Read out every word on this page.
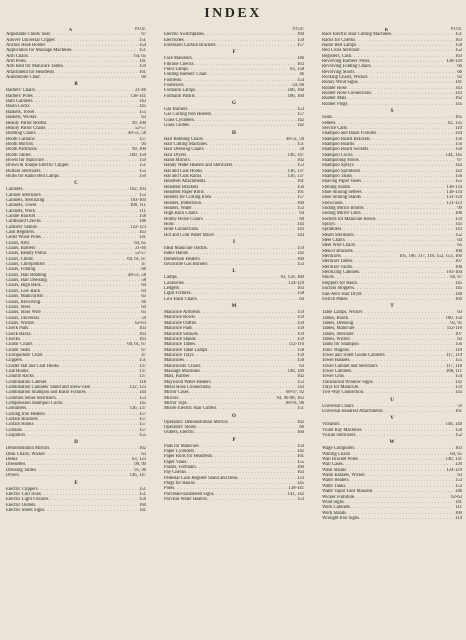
INDEX
A	PAGE
Adjustable Childs' Seat . . .	67
Allover Universal Clipper . . .	151
Anchor Hose Holder . . .	154
Applicators for Massage Machines . . .	151
Arm Chairs . . .	64, 65
Arm Poles . . .	141
Arm Rest for Manicure Tables . . .	159
Attachment for Headrests . . .	161
Automobile Chair . . .	60
B
Barbers' Chairs . . .	21-46
Barbers' Poles . . .	138-141
Bath Cabinets . . .	143
Basin Cocks . . .	145
Baskets, Towel . . .	155
Baskets, Wicker . . .	63
Beauty Parlor Booths . . .	99, 100
Beauty Parlor Chairs . . .	52-57
Bobbing Chairs . . .	48-51, 58
Booth Curtains . . .	157
Booth Mirrors . . .	94
Booth Partitions . . .	99, 100
Booth Tables . . .	100, 150
Bowls for Manicure . . .	159
Brown & Sharpe Electric Clipper . . .	151
Buffalo Sterilizers . . .	152
Bulbs for Radio Bell Lamps . . .	150
C
Cabinets . . .	102, 103
Cabinet Sterilizers . . .	152
Cabinets, Sterilizing . . .	103-104
Cabinets, Towel . . .	108, 111
Cabinets, Work . . .	111
Candle Bracket . . .	158
Cardboard Checks . . .	146
Cashiers' Stands . . .	122-123
Cash Registers . . .	163
Cedar Wood Poles . . .	141
Chairs, Arm . . .	64, 65
Chairs, Barbers' . . .	21-46
Chairs, Beauty Parlor . . .	52-57
Chairs, Childs' . . .	60, 61, 67
Chairs, Chiropodists' . . .	47
Chairs, Folding . . .	66
Chairs, Hair Bobbing . . .	48-51, 58
Chairs, Hair Dressing . . .	58
Chairs, High Back . . .	64
Chairs, Low Back . . .	64
Chairs, Manicurists' . . .	63
Chairs, Revolving . . .	66
Chairs, Steel . . .	64
Chairs, Stool Wire . . .	65
Chairs, Universal . . .	59
Chairs, Wicker . . .	62-63
Check Pads . . .	163
Check Racks . . .	163
Checks . . .	163
Childs' Chairs . . .	60, 61, 67
Childs' Seats . . .	67
Chiropodists' Chair . . .	47
Clippers . . .	151
Cluster Hat and Coat Hooks . . .	137
Coat Hooks . . .	137
Column Racks . . .	137
Combination Cabinet . . .	118
Combination Cabinets' Stand and Show-case . . .	122, 123
Combination Shampoo and Basin Fixtures . . .	144
Common Sense Sterilizers . . .	153
Compression Shampoo Cocks . . .	145
Costumers . . .	136, 137
Curling Iron Heaters . . .	157
Curtain Brackets . . .	157
Curtain Hooks . . .	157
Curtains . . .	157
Cuspidors . . .	155
D
Demonstration Mirrors . . .	162
Desk Chairs, Wicker . . .	63
Desks . . .	63, 123
Dressettes . . .	98, 99
Dressing Tables . . .	95, 96
Dryers . . .	146, 147
E
Electric Clippers . . .	151
Electric Curl Irons . . .	151
Electric Light Fixtures . . .	158
Electric Outlets . . .	160
Electric Street Signs . . .	141
PAGE
Electric Switchplates . . .	160
Electrodes . . .	150
Extension Curtain Brackets . . .	157
F
Face Masseurs . . .	146
Fibrone Checks . . .	163
Floor Lamps . . .	63, 158
Folding Barbers' Chair . . .	46
Footrests . . .	154
Footstools . . .	59, 66
Formalin Lamps . . .	106, 160
Formalin Pastils . . .	106, 160
G
Gas Burners . . .	153
Gas Curling Iron Heaters . . .	157
Glass Cylinders . . .	142
Glass Globes . . .	142
H
Hair Bobbing Chairs . . .	48-51, 58
Hair Cutting Machines . . .	151
Hair Dressing Chairs . . .	58
Hair Dryers . . .	146, 147
Hand Mirrors . . .	162
Handy Water Heaters and Sterilizers . . .	153
Hat and Coat Hooks . . .	136, 137
Hat and Coat Racks . . .	136, 137
Headrest Attachments . . .	161
Headrest Brackets . . .	156
Headrest Paper Rolls . . .	161
Heaters for Curling Irons . . .	157
Heaters, Immersion . . .	160
Heaters, Water . . .	153
High Back Chairs . . .	64
Hobby Horse Chairs . . .	60
Hose . . .	143
Hose Connections . . .	143
Hot and Cold Water Mixer . . .	143
I
Ideal Manicure Outfits . . .	159
Index Hands . . .	142
Immersion Heaters . . .	160
Invincible Gas Burners . . .	153
L
Lamps . . .	63, 158, 160
Lavatories . . .	124-129
Ledgers . . .	163
Light Fixtures . . .	158
Low Back Chairs . . .	64
M
Manicure Armrests . . .	159
Manicure Bowls . . .	159
Manicure Outfits . . .	159
Manicure Pads . . .	159
Manicure Sockets . . .	159
Manicure Stands . . .	159
Manicure Tables . . .	112-116
Manicure Table Lamps . . .	158
Manicure Trays . . .	159
Manicures . . .	158
Manicurists' Chairs . . .	63
Massage Machines . . .	148, 149
Mats, Rubber . . .	162
Maywood Water Heaters . . .	153
Metal Hose Connections . . .	143
Mirror Cases . . .	68-97, 92
Mirrors . . .	94, 96-98, 162
Mirror Tops . . .	88-91, 96
Moore Electric Hair Cutters . . .	151
O
Operators' Demonstration Mirrors . . .	162
Operators' Stools . . .	66
Outlets, Electric . . .	160
P
Pads for Manicure . . .	159
Paper Cylinders . . .	142
Paper Rolls for Headrests . . .	161
Paper Vases . . .	155
Pastils, Formalin . . .	160
Pay Checks . . .	163
Pedestal Cash Register Stand and Desk . . .	123
Plugs for Basins . . .	145
Poles . . .	138-141
Porcelain-Enameled Signs . . .	141, 142
Porvitas Water Heaters . . .	153
R	PAGE
Race Electric Hair Cutting Machines . . .	151
Racks for Checks . . .	163
Radio Bell Lamps . . .	150
Red Cross Sterilizer . . .	152
Registers, Cash . . .	163
Revolving Barbers' Poles . . .	138-139
Revolving Folding Chairs . . .	66
Revolving Stools . . .	66
Rocking Chairs, Wicker . . .	62
Rotary Wind Signs . . .	141
Rubber Hose . . .	143
Rubber Hose Connections . . .	143
Rubber Mats . . .	162
Rubber Plugs . . .	145
S
Seats . . .	165
Settees . . .	62, 135
Service Carts . . .	110
Shampoo and Basin Fixtures . . .	144
Shampoo Board Brackets . . .	156
Shampoo Boards . . .	156
Shampoo Board Sockets . . .	156
Shampoo Cocks . . .	144, 145
Shampooing Stools . . .	67
Shampoo Sprays . . .	143
Shampoo Sprinklers . . .	143
Shampoo Tanks . . .	156
Shaving Paper Vases . . .	155
Shining Stands . . .	130-134
Shoe Shining Settees . . .	130-134
Shoe Shining Stands . . .	131-134
Showcases . . .	121-123
Sliding Mirror Booths . . .	99
Sliding Mirror Units . . .	106
Sockets for Manicure Bowls . . .	159
Sprays . . .	143
Sprinklers . . .	143
Steam Sterilizers . . .	152
Steel Chairs . . .	64
Steel Wire Chairs . . .	65
Stencil Brackets . . .	160
Sterilizers . . .	105, 106, 117, 118, 152, 153, 160
Sterilizer Tables . . .	107
Sterilizer Vaults . . .	106
Sterilizing Cabinets . . .	103-104
Stools . . .	66, 67
Stoppers for Basin . . .	145
Suction Stoppers . . .	145
Sun-Aero Hair Dryer . . .	146
Switch Plates . . .	160
T
Table Lamps, Wicker . . .	63
Tables, Booth . . .	100, 150
Tables, Dressing . . .	92, 95
Tables, Manicure . . .	112-116
Tables, Sterilizer . . .	107
Tables, Wicker . . .	63
Tanks for Shampoo . . .	156
Tonic Wagons . . .	110
Towel and Toilet Goods Cabinets . . .	117, 119
Towel Baskets . . .	155
Towel Cabinet and Sterilizers . . .	117, 118
Towel Cabinets . . .	108, 111
Towel Urns . . .	154
Translucent Window Signs . . .	142
Trays for Manicure . . .	159
Two-Way Connection . . .	143
U
Universal Chairs . . .	59
Universal Headrest Attachments . . .	161
V
Vibrators . . .	148, 149
Violet Ray Machines . . .	150
Vulcan Sterilizers . . .	152
W
Wage Computers . . .	163
Waiting Chairs . . .	64, 65
Wall Bracket Poles . . .	140, 141
Wall Cases . . .	120
Wash Stands . . .	124-129
Waste Baskets, Wicker . . .	63
Water Heaters . . .	153
Water Tanks . . .	153
Water Vapor Face Masseur . . .	146
Wicker Furniture . . .	62-63
Wind Signs . . .	141
Work Cabinets . . .	111
Work Stands . . .	100
Wrought Iron Signs . . .	114
